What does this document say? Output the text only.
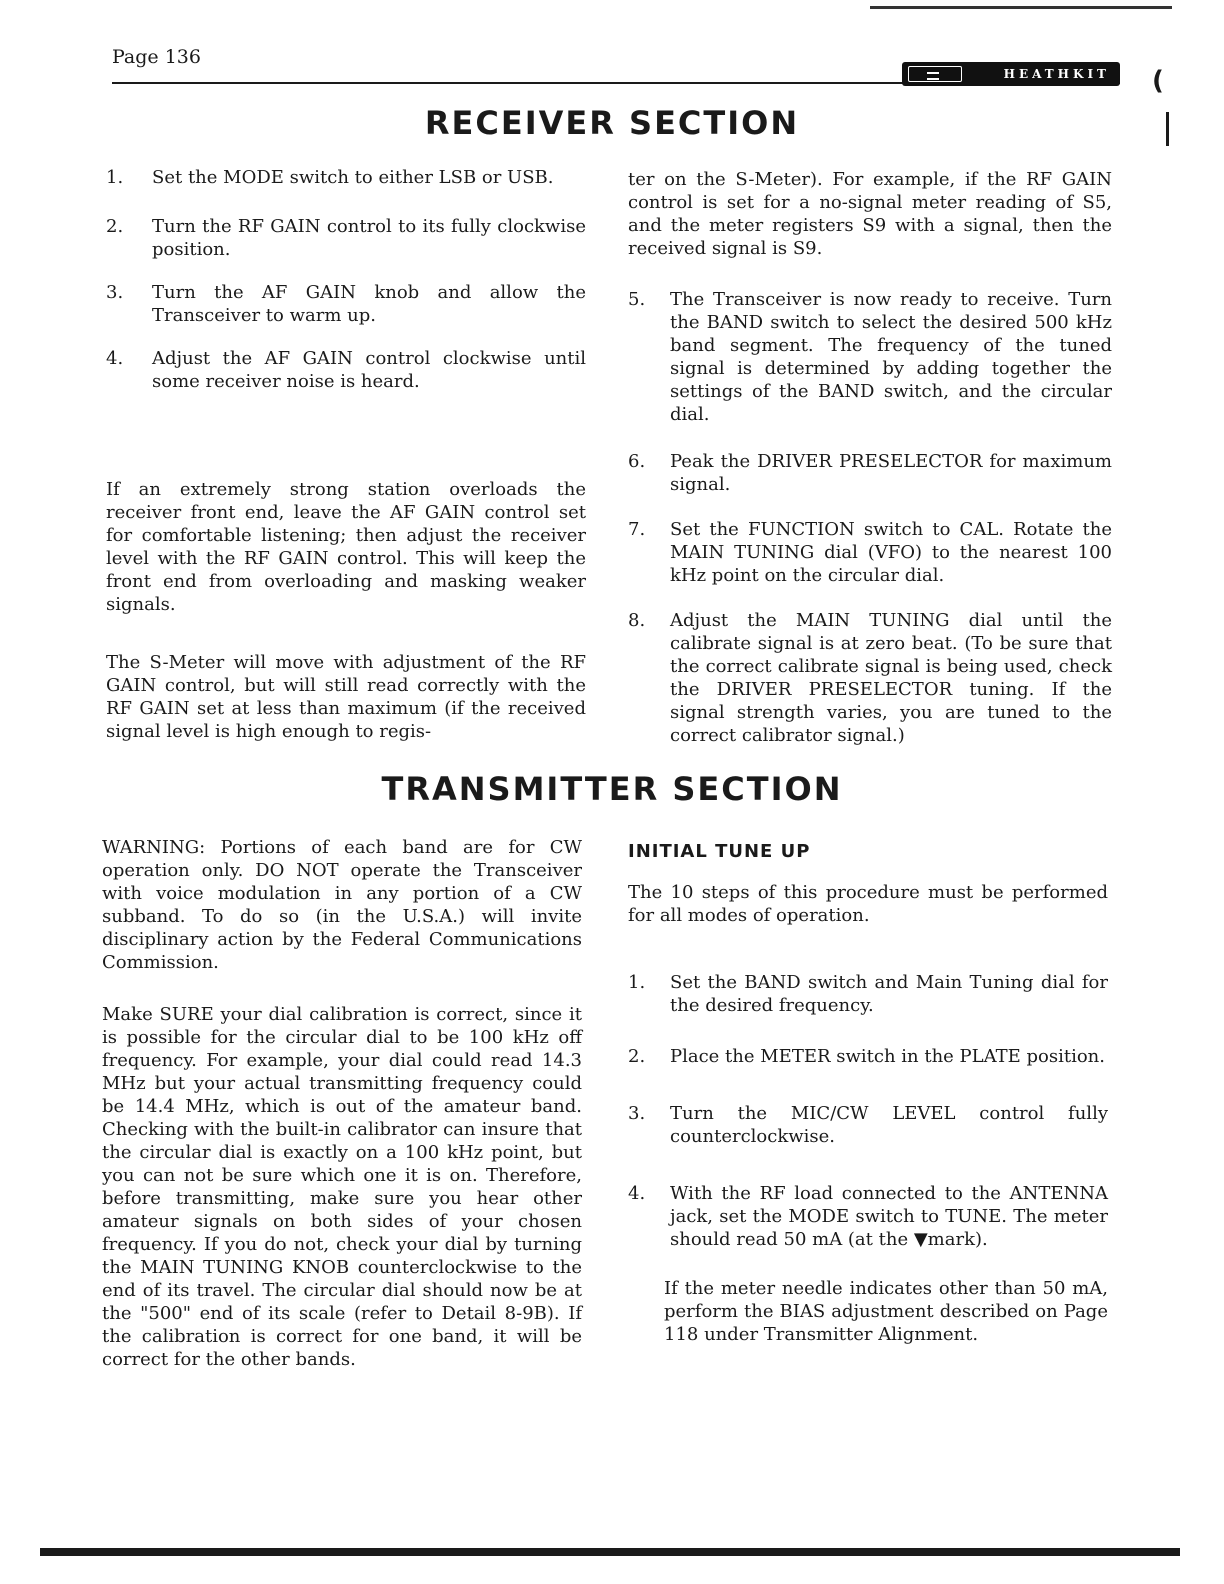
Page 136
HEATHKIT (
RECEIVER SECTION
1.	Set the MODE switch to either LSB or USB.
2.	Turn the RF GAIN control to its fully clockwise position.
3.	Turn the AF GAIN knob and allow the Transceiver to warm up.
4.	Adjust the AF GAIN control clockwise until some receiver noise is heard.

If an extremely strong station overloads the receiver front end, leave the AF GAIN control set for comfortable listening; then adjust the receiver level with the RF GAIN control. This will keep the front end from overloading and masking weaker signals.

The S-Meter will move with adjustment of the RF GAIN control, but will still read correctly with the RF GAIN set at less than maximum (if the received signal level is high enough to regis-

ter on the S-Meter). For example, if the RF GAIN control is set for a no-signal meter reading of S5, and the meter registers S9 with a signal, then the received signal is S9.

5.	The Transceiver is now ready to receive. Turn the BAND switch to select the desired 500 kHz band segment. The frequency of the tuned signal is determined by adding together the settings of the BAND switch, and the circular dial.
6.	Peak the DRIVER PRESELECTOR for maximum signal.
7.	Set the FUNCTION switch to CAL. Rotate the MAIN TUNING dial (VFO) to the nearest 100 kHz point on the circular dial.
8.	Adjust the MAIN TUNING dial until the calibrate signal is at zero beat. (To be sure that the correct calibrate signal is being used, check the DRIVER PRESELECTOR tuning. If the signal strength varies, you are tuned to the correct calibrator signal.)
TRANSMITTER SECTION

WARNING: Portions of each band are for CW operation only. DO NOT operate the Transceiver with voice modulation in any portion of a CW subband. To do so (in the U.S.A.) will invite disciplinary action by the Federal Communications Commission.

Make SURE your dial calibration is correct, since it is possible for the circular dial to be 100 kHz off frequency. For example, your dial could read 14.3 MHz but your actual transmitting frequency could be 14.4 MHz, which is out of the amateur band. Checking with the built-in calibrator can insure that the circular dial is exactly on a 100 kHz point, but you can not be sure which one it is on. Therefore, before transmitting, make sure you hear other amateur signals on both sides of your chosen frequency. If you do not, check your dial by turning the MAIN TUNING KNOB counterclockwise to the end of its travel. The circular dial should now be at the "500" end of its scale (refer to Detail 8-9B). If the calibration is correct for one band, it will be correct for the other bands.

INITIAL TUNE UP

The 10 steps of this procedure must be performed for all modes of operation.

1.	Set the BAND switch and Main Tuning dial for the desired frequency.
2.	Place the METER switch in the PLATE position.
3.	Turn the MIC/CW LEVEL control fully counterclockwise.
4.	With the RF load connected to the ANTENNA jack, set the MODE switch to TUNE. The meter should read 50 mA (at the ▼mark).

If the meter needle indicates other than 50 mA, perform the BIAS adjustment described on Page 118 under Transmitter Alignment.
